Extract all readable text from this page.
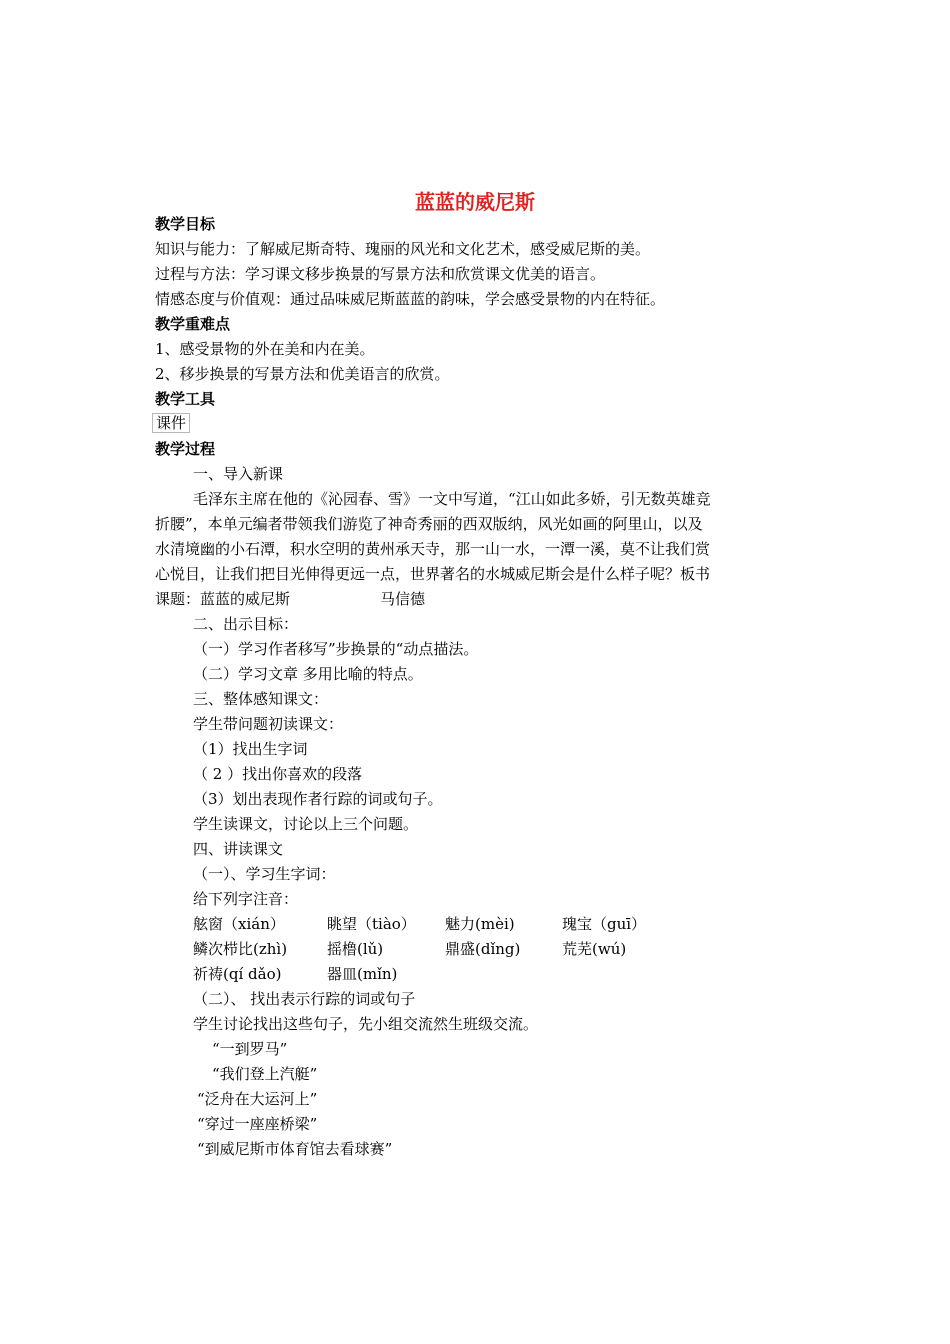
蓝蓝的威尼斯
教学目标
知识与能力：了解威尼斯奇特、瑰丽的风光和文化艺术，感受威尼斯的美。
过程与方法：学习课文移步换景的写景方法和欣赏课文优美的语言。
情感态度与价值观：通过品味威尼斯蓝蓝的韵味，学会感受景物的内在特征。
教学重难点
1、感受景物的外在美和内在美。
2、移步换景的写景方法和优美语言的欣赏。
教学工具
课件
教学过程
一、导入新课
毛泽东主席在他的《沁园春、雪》一文中写道，“江山如此多娇，引无数英雄竞
折腰”，本单元编者带领我们游览了神奇秀丽的西双版纳，风光如画的阿里山，以及
水清境幽的小石潭，积水空明的黄州承天寺，那一山一水，一潭一溪，莫不让我们赏
心悦目，让我们把目光伸得更远一点，世界著名的水城威尼斯会是什么样子呢？板书
课题：蓝蓝的威尼斯	马信德
二、出示目标：
（一）学习作者移写”步换景的“动点描法。
（二）学习文章 多用比喻的特点。
三、整体感知课文：
学生带问题初读课文：
（1）找出生字词
（ 2 ）找出你喜欢的段落
（3）划出表现作者行踪的词或句子。
学生读课文，讨论以上三个问题。
四、讲读课文
（一）、学习生字词：
给下列字注音：
舷窗（xián）	眺望（tiào） 魅力(mèi)	瑰宝（guī）
鳞次栉比(zhì)	摇橹(lǔ)	鼎盛(dǐng)	荒芜(wú)
祈祷(qí dǎo)	器皿(mǐn)
（二）、 找出表示行踪的词或句子
学生讨论找出这些句子，先小组交流然生班级交流。
“一到罗马”
“我们登上汽艇”
“泛舟在大运河上”
“穿过一座座桥梁”
“到威尼斯市体育馆去看球赛”
